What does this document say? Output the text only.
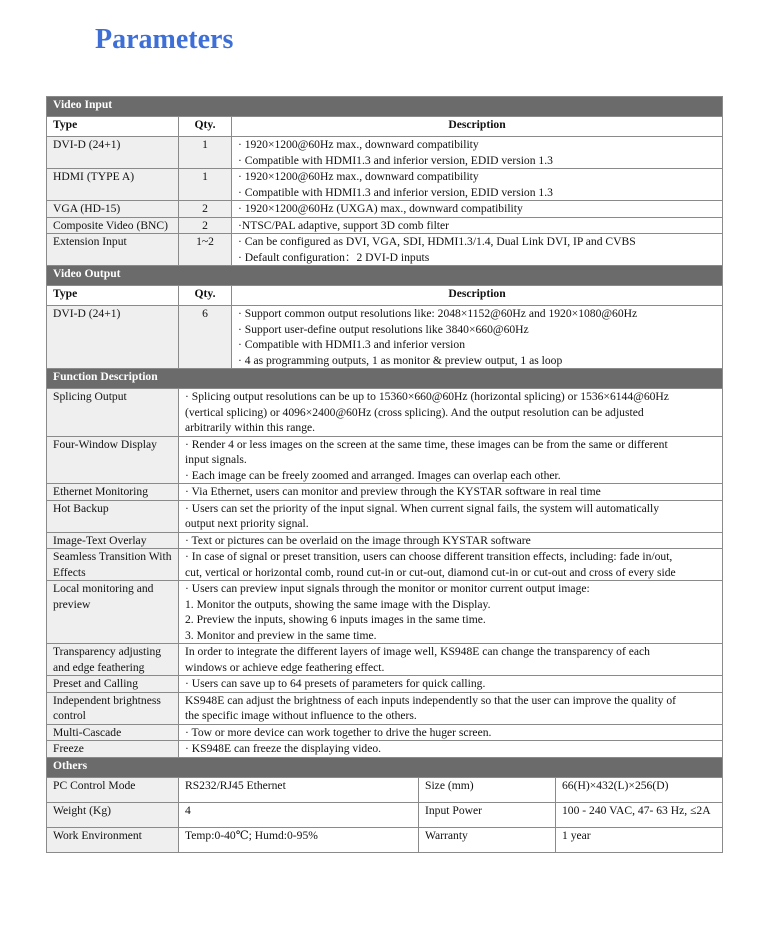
Parameters
Video Input				
Type	Qty.	Description		
DVI-D (24+1)	1	· 1920×1200@60Hz max., downward compatibility
· Compatible with HDMI1.3 and inferior version, EDID version 1.3		

HDMI (TYPE A)	1	· 1920×1200@60Hz max., downward compatibility
· Compatible with HDMI1.3 and inferior version, EDID version 1.3		

VGA (HD-15)	2	· 1920×1200@60Hz (UXGA) max., downward compatibility		

Composite Video (BNC)	2	·NTSC/PAL adaptive, support 3D comb filter		

Extension Input	1~2	· Can be configured as DVI, VGA, SDI, HDMI1.3/1.4, Dual Link DVI, IP and CVBS
· Default configuration：2 DVI-D inputs		

Video Output				
Type	Qty.	Description		
DVI-D (24+1)	6	· Support common output resolutions like: 2048×1152@60Hz and 1920×1080@60Hz
· Support user-define output resolutions like 3840×660@60Hz
· Compatible with HDMI1.3 and inferior version
· 4 as programming outputs, 1 as monitor & preview output, 1 as loop		

Function Description				

Splicing Output	· Splicing output resolutions can be up to 15360×660@60Hz (horizontal splicing) or 1536×6144@60Hz
(vertical splicing) or 4096×2400@60Hz (cross splicing). And the output resolution can be adjusted
arbitrarily within this range.			

Four-Window Display	· Render 4 or less images on the screen at the same time, these images can be from the same or different
input signals.
· Each image can be freely zoomed and arranged. Images can overlap each other.			

Ethernet Monitoring	· Via Ethernet, users can monitor and preview through the KYSTAR software in real time			

Hot Backup	· Users can set the priority of the input signal. When current signal fails, the system will automatically
output next priority signal.			

Image-Text Overlay	· Text or pictures can be overlaid on the image through KYSTAR software			

Seamless Transition With
Effects	· In case of signal or preset transition, users can choose different transition effects, including: fade in/out,
cut, vertical or horizontal comb, round cut-in or cut-out, diamond cut-in or cut-out and cross of every side			

Local monitoring and
preview	· Users can preview input signals through the monitor or monitor current output image:
1. Monitor the outputs, showing the same image with the Display.
2. Preview the inputs, showing 6 inputs images in the same time.
3. Monitor and preview in the same time.			

Transparency adjusting
and edge feathering	In order to integrate the different layers of image well, KS948E can change the transparency of each
windows or achieve edge feathering effect.			

Preset and Calling	· Users can save up to 64 presets of parameters for quick calling.			

Independent brightness
control	KS948E can adjust the brightness of each inputs independently so that the user can improve the quality of
the specific image without influence to the others.			

Multi-Cascade	· Tow or more device can work together to drive the huger screen.			

Freeze	· KS948E can freeze the displaying video.			

Others				
PC Control Mode	RS232/RJ45 Ethernet		Size (mm)	66(H)×432(L)×256(D)
Weight (Kg)	4		Input Power	100 - 240 VAC, 47- 63 Hz, ≤2A
Work Environment	Temp:0-40℃; Humd:0-95%		Warranty	1 year
